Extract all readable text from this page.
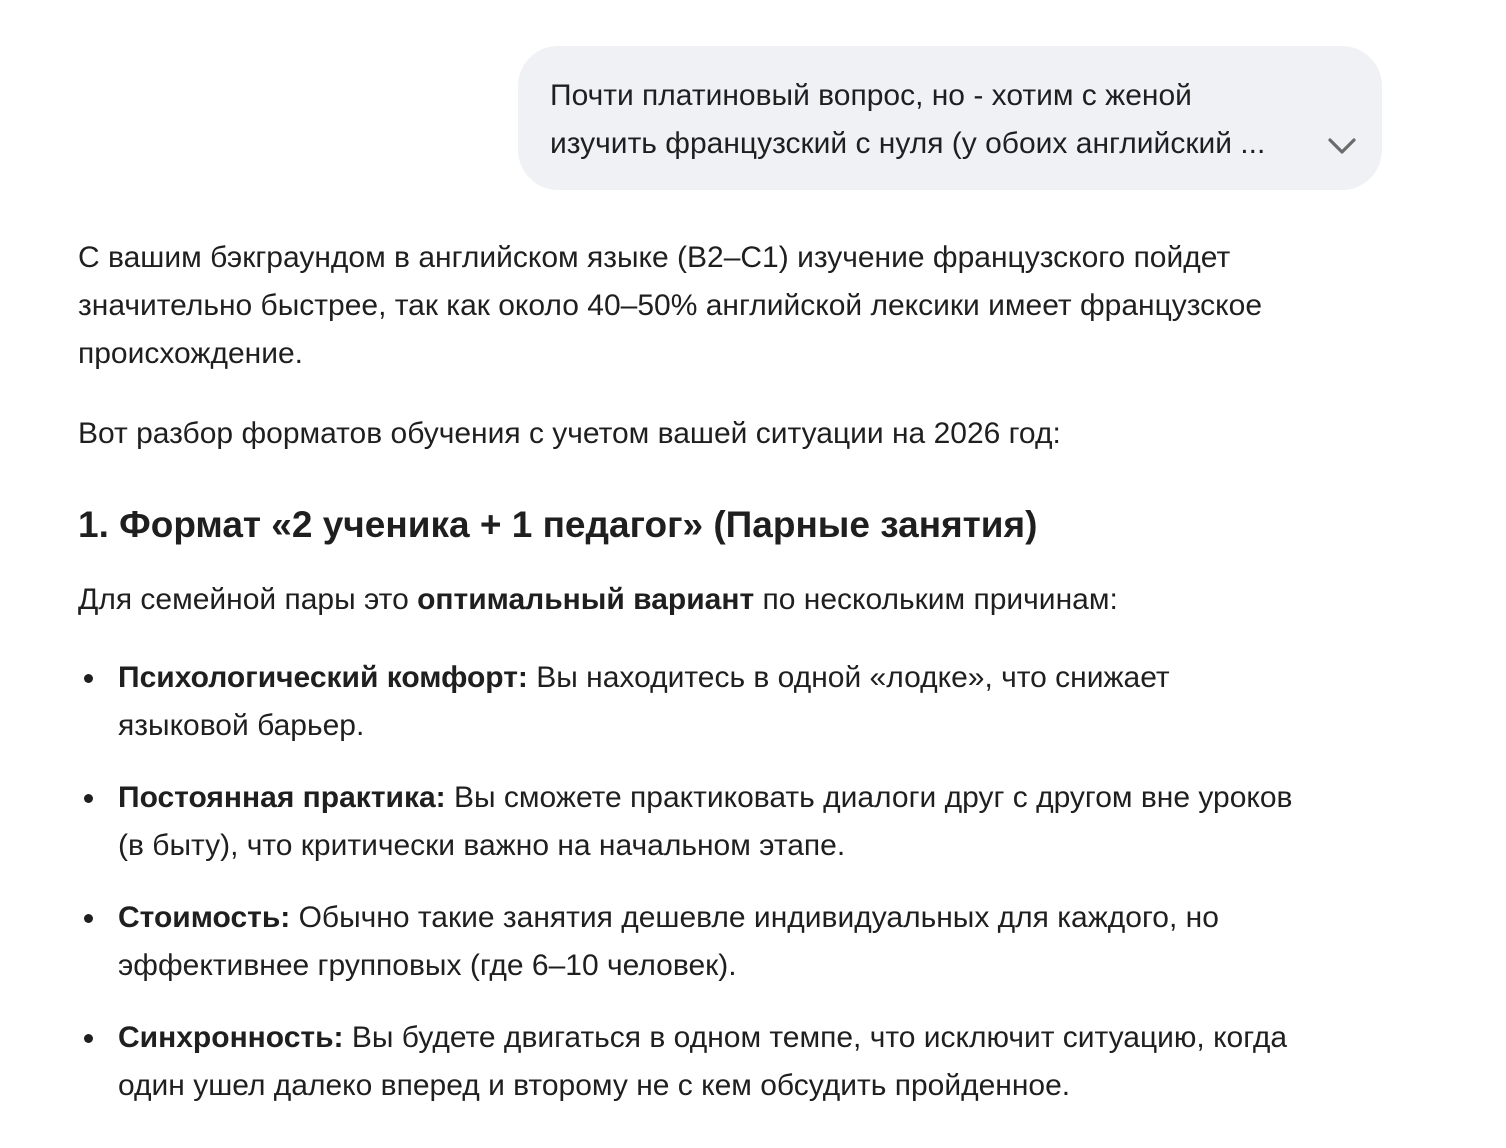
Почти платиновый вопрос, но - хотим с женой
изучить французский с нуля (у обоих английский ...

С вашим бэкграундом в английском языке (B2–C1) изучение французского пойдет
значительно быстрее, так как около 40–50% английской лексики имеет французское
происхождение.

Вот разбор форматов обучения с учетом вашей ситуации на 2026 год:

1. Формат «2 ученика + 1 педагог» (Парные занятия)

Для семейной пары это оптимальный вариант по нескольким причинам:

Психологический комфорт: Вы находитесь в одной «лодке», что снижает
языковой барьер.
Постоянная практика: Вы сможете практиковать диалоги друг с другом вне уроков
(в быту), что критически важно на начальном этапе.
Стоимость: Обычно такие занятия дешевле индивидуальных для каждого, но
эффективнее групповых (где 6–10 человек).
Синхронность: Вы будете двигаться в одном темпе, что исключит ситуацию, когда
один ушел далеко вперед и второму не с кем обсудить пройденное.
